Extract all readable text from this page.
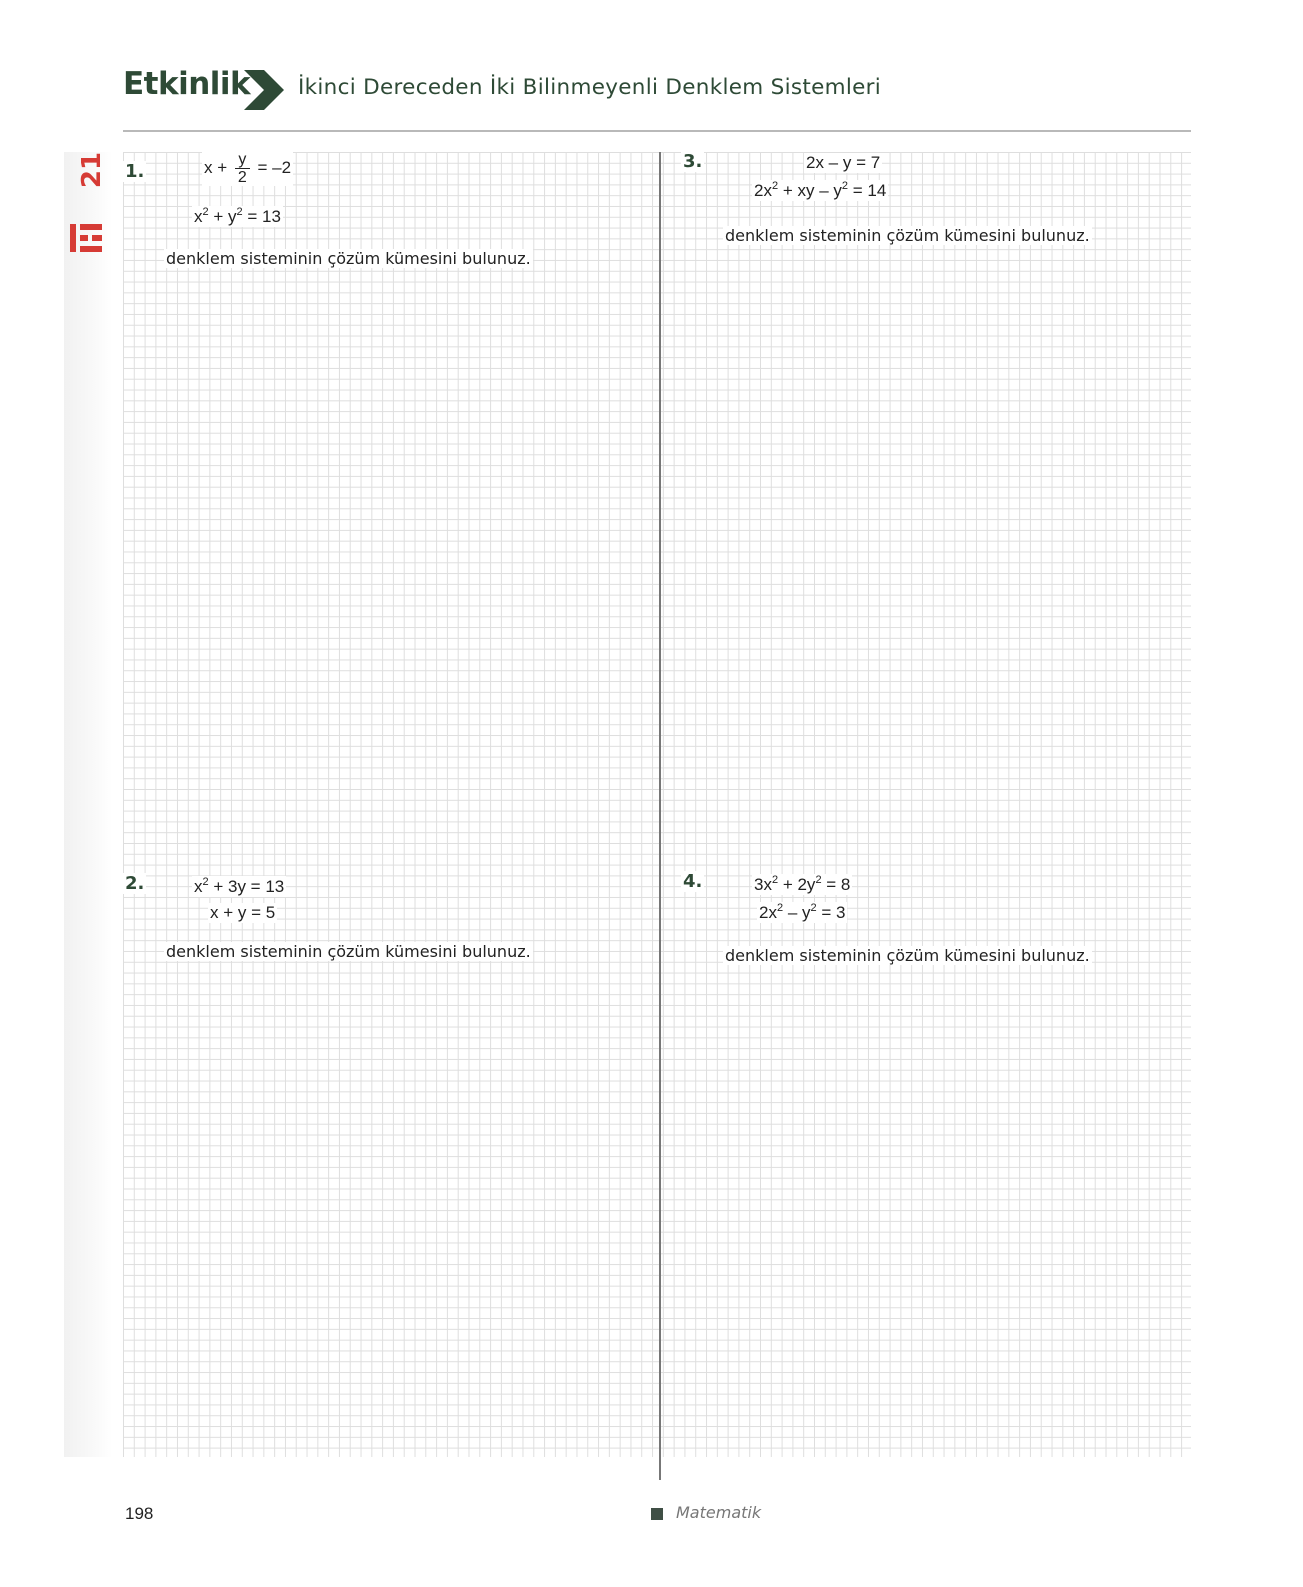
Etkinlik İkinci Dereceden İki Bilinmeyenli Denklem Sistemleri
21 1.	$x + \frac{y}{2} = -2$
$x^2 + y^2 = 13$
denklem sisteminin çözüm kümesini bulunuz.
3.	2x – y = 7
$2x^2$ + xy – $y^2 = 14$
denklem sisteminin çözüm kümesini bulunuz.
2.	$x^2 + 3y = 13$
x + y = 5
denklem sisteminin çözüm kümesini bulunuz.
4.	$3x^2 + 2y^2 = 8$
$2x^2 - y^2 = 3$
denklem sisteminin çözüm kümesini bulunuz.
198	Matematik
